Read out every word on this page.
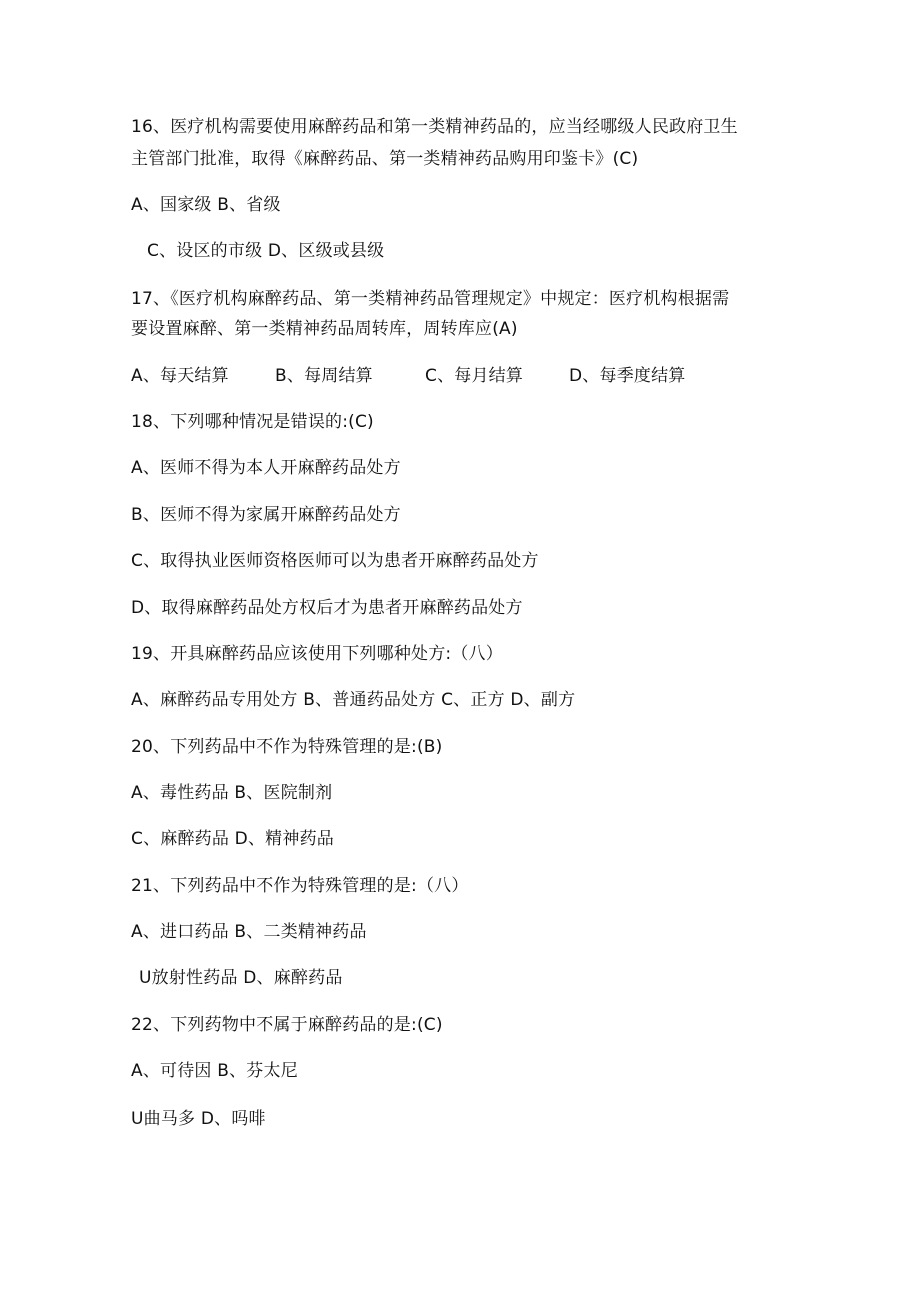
16、医疗机构需要使用麻醉药品和第一类精神药品的，应当经哪级人民政府卫生
主管部门批准，取得《麻醉药品、第一类精神药品购用印鉴卡》(C)
A、国家级 B、省级
C、设区的市级 D、区级或县级
17、《医疗机构麻醉药品、第一类精神药品管理规定》中规定：医疗机构根据需
要设置麻醉、第一类精神药品周转库，周转库应(A)
A、每天结算	B、每周结算	C、每月结算	D、每季度结算
18、下列哪种情况是错误的:(C)
A、医师不得为本人开麻醉药品处方
B、医师不得为家属开麻醉药品处方
C、取得执业医师资格医师可以为患者开麻醉药品处方
D、取得麻醉药品处方权后才为患者开麻醉药品处方
19、开具麻醉药品应该使用下列哪种处方:（八）
A、麻醉药品专用处方 B、普通药品处方 C、正方 D、副方
20、下列药品中不作为特殊管理的是:(B)
A、毒性药品 B、医院制剂
C、麻醉药品 D、精神药品
21、下列药品中不作为特殊管理的是:（八）
A、进口药品 B、二类精神药品
U放射性药品 D、麻醉药品
22、下列药物中不属于麻醉药品的是:(C)
A、可待因 B、芬太尼
U曲马多 D、吗啡
